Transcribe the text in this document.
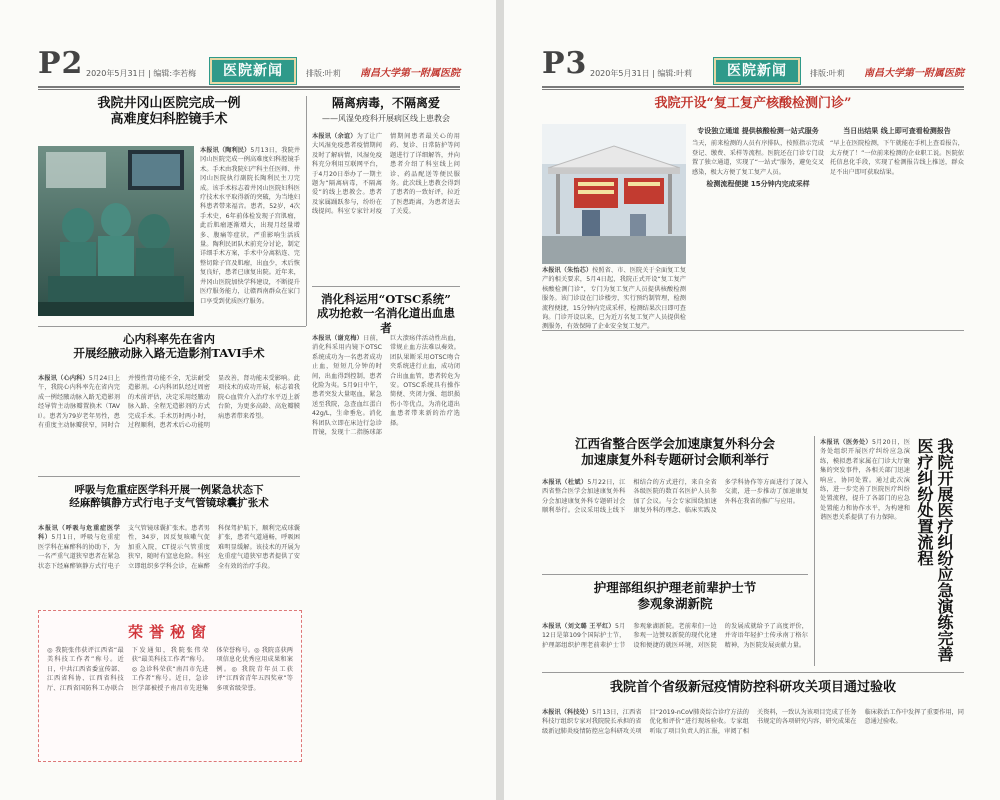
P2 2020年5月31日 | 编辑:李若梅	医院新闻	排版:叶莉 南昌大学第一附属医院

我院井冈山医院完成一例

高难度妇科腔镜手术

本报讯（陶利民）5月13日，我院井冈山医院完成一例高难度妇科腔镜手术。手术由我院妇产科主任医师、井冈山医院执行副院长陶利民主刀完成。该手术标志着井冈山医院妇科医疗技术水平取得新的突破，为当地妇科患者带来福音。患者，52岁，4次手术史，6年前体检发现子宫肌瘤，此后肌瘤逐渐增大，出现月经量增多、腹痛等症状，严重影响生活质量。陶利民团队术前充分讨论，制定详细手术方案，手术中分离粘连、完整切除子宫及肌瘤，出血少，术后恢复良好，患者已康复出院。近年来，井冈山医院加快学科建设，不断提升医疗服务能力，让赣西南群众在家门口享受到优质医疗服务。

隔离病毒，不隔离爱

——风湿免疫科开展病区线上患教会

本报讯（余谊）为了让广大风湿免疫患者疫情期间及时了解病情，风湿免疫科充分利用互联网平台，于4月20日举办了一期主题为“隔离病毒，不隔离爱”的线上患教会。患者及家属踊跃参与，纷纷在线提问。科室专家针对疫情期间患者最关心的用药、复诊、日常防护等问题进行了详细解答，并向患者介绍了科室线上问诊、药品配送等便民服务。此次线上患教会得到了患者的一致好评，拉近了医患距离，为患者送去了关爱。

消化科运用“OTSC系统”

成功抢救一名消化道出血患者

本报讯（谢克梅）日前，消化科采用内镜下OTSC系统成功为一名患者成功止血，短短几分钟的时间，出血得到控制，患者化险为夷。5月9日中午，患者突发大量呕血，紧急送至我院，急查血红蛋白42g/L，生命垂危。消化科团队立即在床边行急诊胃镜，发现十二指肠球部巨大溃疡伴活动性出血，常规止血方法难以奏效。团队果断采用OTSC吻合夹系统进行止血，成功闭合出血血管，患者转危为安。OTSC系统具有操作简便、夹闭力强、组织损伤小等优点，为消化道出血患者带来新的治疗选择。

心内科率先在省内

开展经腋动脉入路无造影剂TAVI手术

本报讯（心内科）5月24日上午，我院心内科率先在省内完成一例经腋动脉入路无造影剂经导管主动脉瓣置换术（TAVI）。患者为79岁老年男性，患有重度主动脉瓣狭窄，同时合并慢性肾功能不全，无法耐受造影剂。心内科团队经过周密的术前评估，决定采用经腋动脉入路、全程无造影剂的方式完成手术。手术历时两小时，过程顺利，患者术后心功能明显改善，肾功能未受影响。此项技术的成功开展，标志着我院心血管介入治疗水平迈上新台阶，为更多高龄、高危瓣膜病患者带来希望。

呼吸与危重症医学科开展一例紧急状态下

经麻醉镇静方式行电子支气管镜球囊扩张术

本报讯（呼吸与危重症医学科）5月1日，呼吸与危重症医学科在麻醉科的协助下，为一名严重气道狭窄患者在紧急状态下经麻醉镇静方式行电子支气管镜球囊扩张术。患者男性，34岁，因反复咳嗽气促加重入院，CT提示气管重度狭窄，随时有窒息危险。科室立即组织多学科会诊，在麻醉科保驾护航下，顺利完成球囊扩张，患者气道通畅，呼吸困难明显缓解。该技术的开展为危重症气道狭窄患者提供了安全有效的治疗手段。
荣誉秘窗
◎ 我院张伟获评江西省“最美科技工作者”称号。近日，中共江西省委宣传部、江西省科协、江西省科技厅、江西省国防科工办联合下发通知，我院张伟荣获“最美科技工作者”称号。◎ 急诊科荣获“南昌市先进工作者”称号。近日，急诊医学部被授予南昌市先进集体荣誉称号。◎ 我院喜获两项信息化优秀应用成果和案例。◎ 我院青年员工获评“江西省青年五四奖章”等多项省级荣誉。
P3 2020年5月31日 | 编辑:叶莉	医院新闻	排版:叶莉 南昌大学第一附属医院

我院开设“复工复产核酸检测门诊”

本报讯（朱怡芯）按照省、市、医院关于全面复工复产的相关要求，5月4日起，我院正式开设“复工复产核酸检测门诊”，专门为复工复产人员提供核酸检测服务。该门诊设在门诊楼旁，实行预约制管理，检测流程便捷，15分钟内完成采样，检测结果次日即可查询。门诊开设以来，已为近万名复工复产人员提供检测服务，有效保障了企业安全复工复产。
专设独立通道 提供核酸检测一站式服务
当天，前来检测的人员有序排队，按照指示完成登记、缴费、采样等流程。医院还在门诊专门设置了独立通道，实现了“一站式”服务，避免交叉感染，极大方便了复工复产人员。
检测流程便捷 15分钟内完成采样
当日出结果 线上即可查看检测报告
“早上在医院检测，下午就能在手机上查看报告，太方便了！”一位前来检测的企业职工说。医院依托信息化手段，实现了检测报告线上推送，群众足不出户即可获取结果。

江西省整合医学会加速康复外科分会

加速康复外科专题研讨会顺利举行

本报讯（杜斌）5月22日，江西省整合医学会加速康复外科分会加速康复外科专题研讨会顺利举行。会议采用线上线下相结合的方式进行，来自全省各级医院的数百名医护人员参加了会议。与会专家围绕加速康复外科的理念、临床实践及多学科协作等方面进行了深入交流，进一步推动了加速康复外科在我省的推广与应用。

护理部组织护理老前辈护士节

参观象湖新院

本报讯（刘文璐 王平红）5月12日是第109个国际护士节，护理部组织护理老前辈护士节参观象湖新院。老前辈们一边参观一边赞叹新院的现代化建设和便捷的就医环境，对医院的发展成就给予了高度评价，并寄语年轻护士传承南丁格尔精神，为医院发展贡献力量。
本报讯（医务处）5月20日，医务处组织开展医疗纠纷应急演练，模拟患者家属在门诊大厅聚集的突发事件，各相关部门迅速响应，协同处置。通过此次演练，进一步完善了医院医疗纠纷处置流程，提升了各部门的应急处置能力和协作水平，为构建和谐医患关系提供了有力保障。	我院开展医疗纠纷应急演练完善医疗纠纷处置流程

我院首个省级新冠疫情防控科研攻关项目通过验收

本报讯（科技处）5月13日，江西省科技厅组织专家对我院院长承担的省级新冠肺炎疫情防控应急科研攻关项目“2019-nCoV肺炎综合诊疗方法的优化和评价”进行现场验收。专家组听取了项目负责人的汇报，审阅了相关资料，一致认为该项目完成了任务书规定的各项研究内容，研究成果在临床救治工作中发挥了重要作用，同意通过验收。
